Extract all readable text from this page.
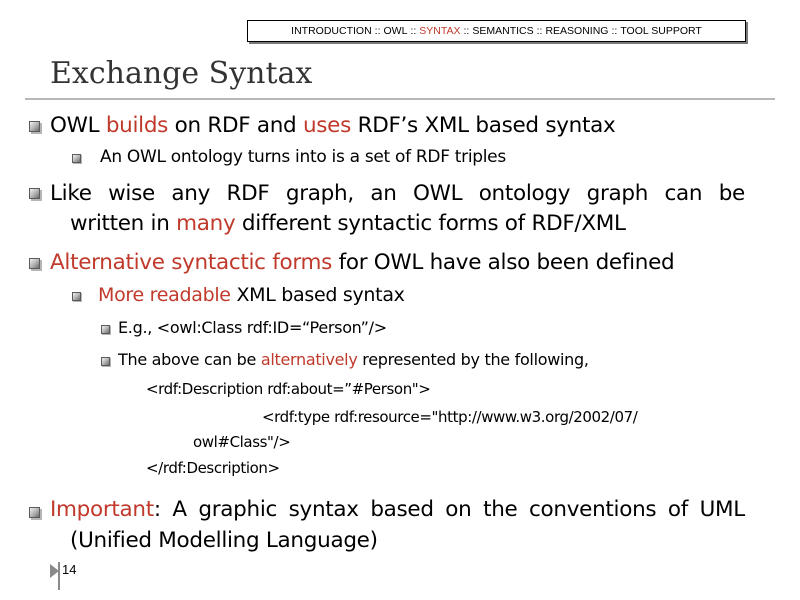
INTRODUCTION :: OWL :: SYNTAX :: SEMANTICS :: REASONING :: TOOL SUPPORT
Exchange Syntax
OWL builds on RDF and uses RDF’s XML based syntax
An OWL ontology turns into is a set of RDF triples
Like wise any RDF graph, an OWL ontology graph can be
written in many different syntactic forms of RDF/XML
Alternative syntactic forms for OWL have also been defined
More readable XML based syntax
E.g., <owl:Class rdf:ID=“Person”/>
The above can be alternatively represented by the following,
<rdf:Description rdf:about=”#Person">
<rdf:type rdf:resource="http://www.w3.org/2002/07/
owl#Class"/>
</rdf:Description>
Important: A graphic syntax based on the conventions of UML
(Unified Modelling Language)
14
